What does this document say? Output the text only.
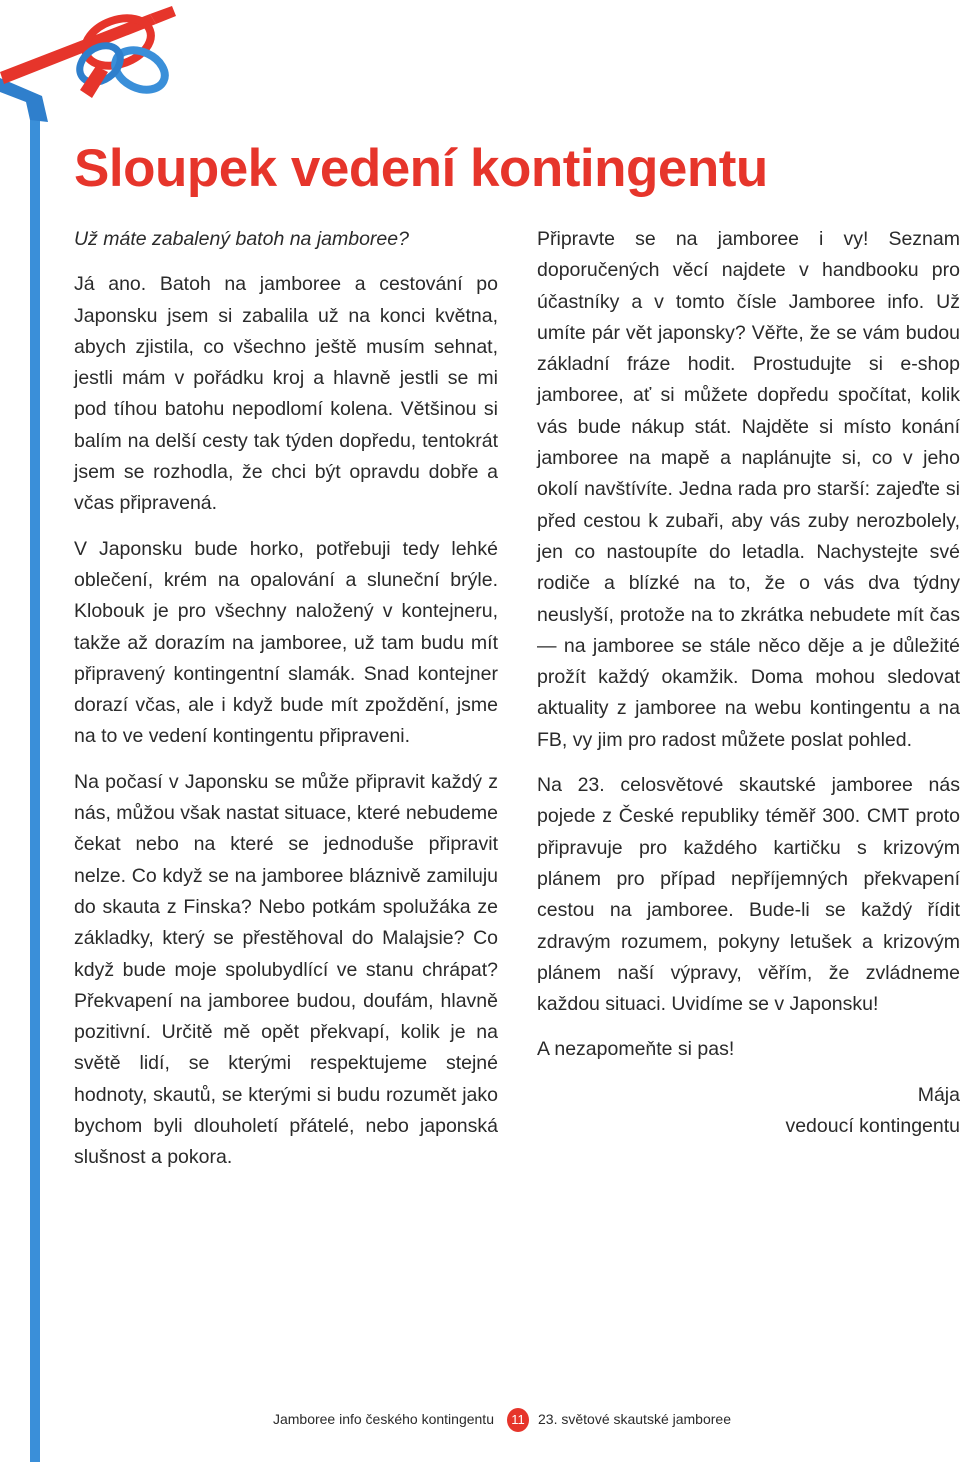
Sloupek vedení kontingentu

Už máte zabalený batoh na jamboree?

Já ano. Batoh na jamboree a cestování po Japonsku jsem si zabalila už na konci května, abych zjistila, co všechno ještě musím sehnat, jestli mám v pořádku kroj a hlavně jestli se mi pod tíhou batohu nepodlomí kolena. Většinou si balím na delší cesty tak týden dopředu, tentokrát jsem se rozhodla, že chci být opravdu dobře a včas připravená.

V Japonsku bude horko, potřebuji tedy lehké oblečení, krém na opalování a sluneční brýle. Klobouk je pro všechny naložený v kontejneru, takže až dorazím na jamboree, už tam budu mít připravený kontingentní slamák. Snad kontejner dorazí včas, ale i když bude mít zpoždění, jsme na to ve vedení kontingentu připraveni.

Na počasí v Japonsku se může připravit každý z nás, můžou však nastat situace, které nebudeme čekat nebo na které se jednoduše připravit nelze. Co když se na jamboree bláznivě zamiluju do skauta z Finska? Nebo potkám spolužáka ze základky, který se přestěhoval do Malajsie? Co když bude moje spolubydlící ve stanu chrápat? Překvapení na jamboree budou, doufám, hlavně pozitivní. Určitě mě opět překvapí, kolik je na světě lidí, se kterými respektujeme stejné hodnoty, skautů, se kterými si budu rozumět jako bychom byli dlouholetí přátelé, nebo japonská slušnost a pokora.

Připravte se na jamboree i vy! Seznam doporučených věcí najdete v handbooku pro účastníky a v tomto čísle Jamboree info. Už umíte pár vět japonsky? Věřte, že se vám budou základní fráze hodit. Prostudujte si e-shop jamboree, ať si můžete dopředu spočítat, kolik vás bude nákup stát. Najděte si místo konání jamboree na mapě a naplánujte si, co v jeho okolí navštívíte. Jedna rada pro starší: zajeďte si před cestou k zubaři, aby vás zuby nerozbolely, jen co nastoupíte do letadla. Nachystejte své rodiče a blízké na to, že o vás dva týdny neuslyší, protože na to zkrátka nebudete mít čas — na jamboree se stále něco děje a je důležité prožít každý okamžik. Doma mohou sledovat aktuality z jamboree na webu kontingentu a na FB, vy jim pro radost můžete poslat pohled.

Na 23. celosvětové skautské jamboree nás pojede z České republiky téměř 300. CMT proto připravuje pro každého kartičku s krizovým plánem pro případ nepříjemných překvapení cestou na jamboree. Bude-li se každý řídit zdravým rozumem, pokyny letušek a krizovým plánem naší výpravy, věřím, že zvládneme každou situaci. Uvidíme se v Japonsku!

A nezapomeňte si pas!

Mája

vedoucí kontingentu

Jamboree info českého kontingentu	11 23. světové skautské jamboree
